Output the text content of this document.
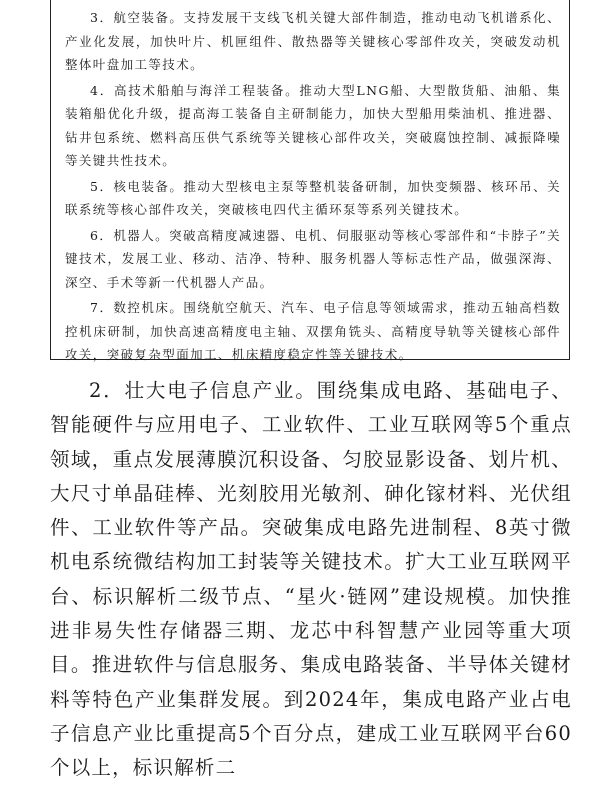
3．航空装备。支持发展干支线飞机关键大部件制造，推动电动飞机谱系化、产业化发展，加快叶片、机匣组件、散热器等关键核心零部件攻关，突破发动机整体叶盘加工等技术。

4．高技术船舶与海洋工程装备。推动大型LNG船、大型散货船、油船、集装箱船优化升级，提高海工装备自主研制能力，加快大型船用柴油机、推进器、钻井包系统、燃料高压供气系统等关键核心部件攻关，突破腐蚀控制、减振降噪等关键共性技术。

5．核电装备。推动大型核电主泵等整机装备研制，加快变频器、核环吊、关联系统等核心部件攻关，突破核电四代主循环泵等系列关键技术。

6．机器人。突破高精度减速器、电机、伺服驱动等核心零部件和“卡脖子”关键技术，发展工业、移动、洁净、特种、服务机器人等标志性产品，做强深海、深空、手术等新一代机器人产品。

7．数控机床。围绕航空航天、汽车、电子信息等领域需求，推动五轴高档数控机床研制，加快高速高精度电主轴、双摆角铣头、高精度导轨等关键核心部件攻关，突破复杂型面加工、机床精度稳定性等关键技术。

2．壮大电子信息产业。围绕集成电路、基础电子、智能硬件与应用电子、工业软件、工业互联网等5个重点领域，重点发展薄膜沉积设备、匀胶显影设备、划片机、大尺寸单晶硅棒、光刻胶用光敏剂、砷化镓材料、光伏组件、工业软件等产品。突破集成电路先进制程、8英寸微机电系统微结构加工封装等关键技术。扩大工业互联网平台、标识解析二级节点、“星火·链网”建设规模。加快推进非易失性存储器三期、龙芯中科智慧产业园等重大项目。推进软件与信息服务、集成电路装备、半导体关键材料等特色产业集群发展。到2024年，集成电路产业占电子信息产业比重提高5个百分点，建成工业互联网平台60个以上，标识解析二
